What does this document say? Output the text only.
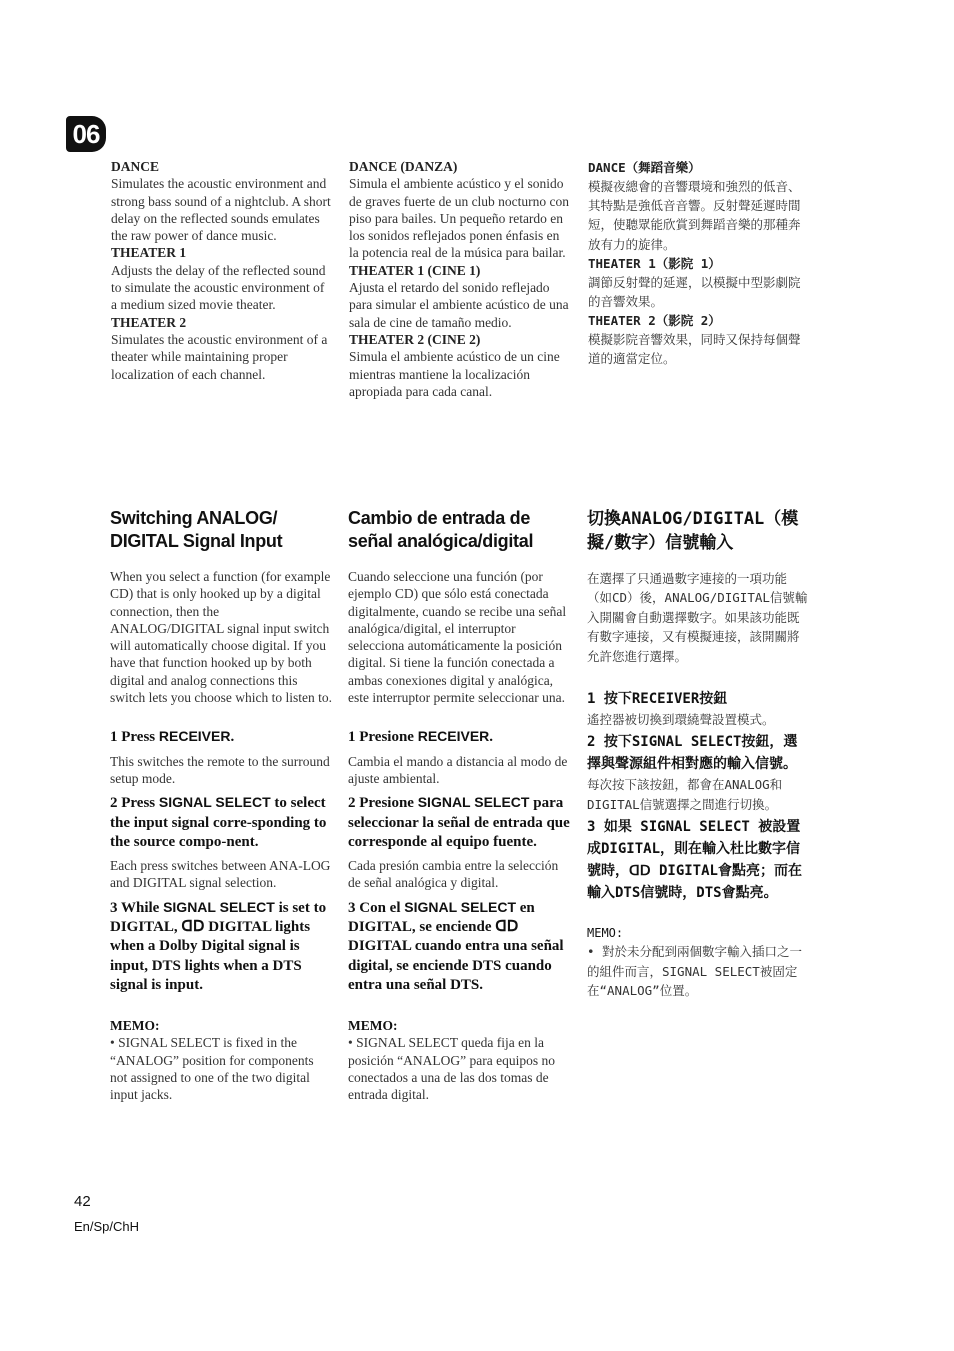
06
DANCE
Simulates the acoustic environment and strong bass sound of a nightclub. A short delay on the reflected sounds emulates the raw power of dance music.
THEATER 1
Adjusts the delay of the reflected sound to simulate the acoustic environment of a medium sized movie theater.
THEATER 2
Simulates the acoustic environment of a theater while maintaining proper localization of each channel.
DANCE (DANZA)
Simula el ambiente acústico y el sonido de graves fuerte de un club nocturno con piso para bailes. Un pequeño retardo en los sonidos reflejados ponen énfasis en la potencia real de la música para bailar.
THEATER 1 (CINE 1)
Ajusta el retardo del sonido reflejado para simular el ambiente acústico de una sala de cine de tamaño medio.
THEATER 2 (CINE 2)
Simula el ambiente acústico de un cine mientras mantiene la localización apropiada para cada canal.
DANCE（舞蹈音樂）
模擬夜總會的音響環境和強烈的低音、其特點是強低音音響。反射聲延遲時間短，使聽眾能欣賞到舞蹈音樂的那種奔放有力的旋律。
THEATER 1（影院 1）
調節反射聲的延遲，以模擬中型影劇院的音響效果。
THEATER 2（影院 2）
模擬影院音響效果，同時又保持每個聲道的適當定位。
Switching ANALOG/ DIGITAL Signal Input
When you select a function (for example CD) that is only hooked up by a digital connection, then the ANALOG/DIGITAL signal input switch will automatically choose digital. If you have that function hooked up by both digital and analog connections this switch lets you choose which to listen to.
1 Press RECEIVER.
This switches the remote to the surround setup mode.
2 Press SIGNAL SELECT to select the input signal corre-sponding to the source compo-nent.
Each press switches between ANA-LOG and DIGITAL signal selection.
3 While SIGNAL SELECT is set to DIGITAL, ᗡᗞ DIGITAL lights when a Dolby Digital signal is input, DTS lights when a DTS signal is input.
MEMO:
• SIGNAL SELECT is fixed in the “ANALOG” position for components not assigned to one of the two digital input jacks.
Cambio de entrada de señal analógica/digital
Cuando seleccione una función (por ejemplo CD) que sólo está conectada digitalmente, cuando se recibe una señal analógica/digital, el interruptor selecciona automáticamente la posición digital. Si tiene la función conectada a ambas conexiones digital y analógica, este interruptor permite seleccionar una.
1 Presione RECEIVER.
Cambia el mando a distancia al modo de ajuste ambiental.
2 Presione SIGNAL SELECT para seleccionar la señal de entrada que corresponde al equipo fuente.
Cada presión cambia entre la selección de señal analógica y digital.
3 Con el SIGNAL SELECT en DIGITAL, se enciende ᗡᗞ DIGITAL cuando entra una señal digital, se enciende DTS cuando entra una señal DTS.
MEMO:
• SIGNAL SELECT queda fija en la posición “ANALOG” para equipos no conectados a una de las dos tomas de entrada digital.
切換ANALOG/DIGITAL（模擬/數字）信號輸入
在選擇了只通過數字連接的一項功能（如CD）後，ANALOG/DIGITAL信號輸入開關會自動選擇數字。如果該功能既有數字連接，又有模擬連接，該開關將允許您進行選擇。
1 按下RECEIVER按鈕
遙控器被切換到環繞聲設置模式。
2 按下SIGNAL SELECT按鈕，選擇與聲源組件相對應的輸入信號。
每次按下該按鈕，都會在ANALOG和DIGITAL信號選擇之間進行切換。
3 如果 SIGNAL SELECT 被設置成DIGITAL，則在輸入杜比數字信號時，ᗡᗞ DIGITAL會點亮；而在輸入DTS信號時，DTS會點亮。
MEMO:
• 對於未分配到兩個數字輸入插口之一的組件而言，SIGNAL SELECT被固定在“ANALOG”位置。
42
En/Sp/ChH
